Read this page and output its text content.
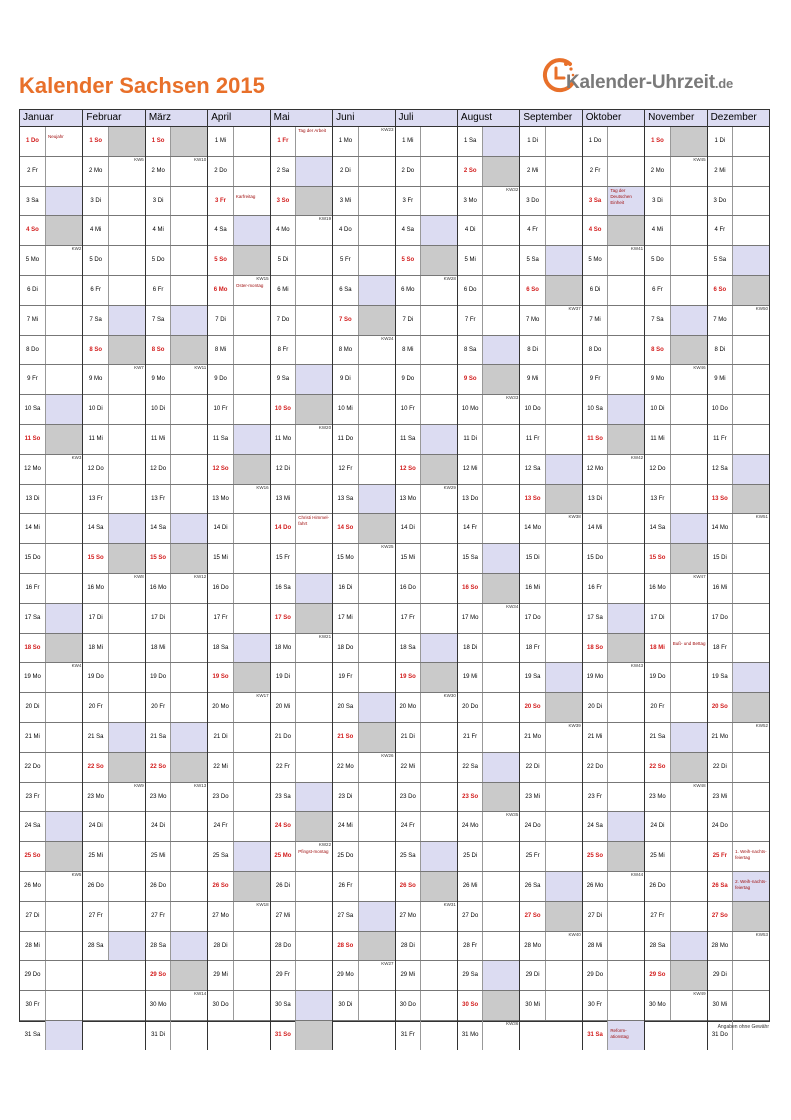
Kalender Sachsen 2015	Kalender-Uhrzeit.de
Januar
1 Do
Neujahr
2 Fr
3 Sa
4 So
5 Mo
KW2
6 Di
7 Mi
8 Do
9 Fr
10 Sa
11 So
12 Mo
KW3
13 Di
14 Mi
15 Do
16 Fr
17 Sa
18 So
19 Mo
KW4
20 Di
21 Mi
22 Do
23 Fr
24 Sa
25 So
26 Mo
KW5
27 Di
28 Mi
29 Do
30 Fr
31 Sa
Februar
1 So
2 Mo
KW6
3 Di
4 Mi
5 Do
6 Fr
7 Sa
8 So
9 Mo
KW7
10 Di
11 Mi
12 Do
13 Fr
14 Sa
15 So
16 Mo
KW8
17 Di
18 Mi
19 Do
20 Fr
21 Sa
22 So
23 Mo
KW9
24 Di
25 Mi
26 Do
27 Fr
28 Sa
März
1 So
2 Mo
KW10
3 Di
4 Mi
5 Do
6 Fr
7 Sa
8 So
9 Mo
KW11
10 Di
11 Mi
12 Do
13 Fr
14 Sa
15 So
16 Mo
KW12
17 Di
18 Mi
19 Do
20 Fr
21 Sa
22 So
23 Mo
KW13
24 Di
25 Mi
26 Do
27 Fr
28 Sa
29 So
30 Mo
KW14
31 Di
April
1 Mi
2 Do
3 Fr
Karfreitag
4 Sa
5 So
6 Mo
KW15
Oster-montag
7 Di
8 Mi
9 Do
10 Fr
11 Sa
12 So
13 Mo
KW16
14 Di
15 Mi
16 Do
17 Fr
18 Sa
19 So
20 Mo
KW17
21 Di
22 Mi
23 Do
24 Fr
25 Sa
26 So
27 Mo
KW18
28 Di
29 Mi
30 Do
Mai
1 Fr
Tag der Arbeit
2 Sa
3 So
4 Mo
KW19
5 Di
6 Mi
7 Do
8 Fr
9 Sa
10 So
11 Mo
KW20
12 Di
13 Mi
14 Do
Christi Himmel-fahrt
15 Fr
16 Sa
17 So
18 Mo
KW21
19 Di
20 Mi
21 Do
22 Fr
23 Sa
24 So
25 Mo
KW22
Pfingst-montag
26 Di
27 Mi
28 Do
29 Fr
30 Sa
31 So
Juni
1 Mo
KW23
2 Di
3 Mi
4 Do
5 Fr
6 Sa
7 So
8 Mo
KW24
9 Di
10 Mi
11 Do
12 Fr
13 Sa
14 So
15 Mo
KW25
16 Di
17 Mi
18 Do
19 Fr
20 Sa
21 So
22 Mo
KW26
23 Di
24 Mi
25 Do
26 Fr
27 Sa
28 So
29 Mo
KW27
30 Di
Juli
1 Mi
2 Do
3 Fr
4 Sa
5 So
6 Mo
KW28
7 Di
8 Mi
9 Do
10 Fr
11 Sa
12 So
13 Mo
KW29
14 Di
15 Mi
16 Do
17 Fr
18 Sa
19 So
20 Mo
KW30
21 Di
22 Mi
23 Do
24 Fr
25 Sa
26 So
27 Mo
KW31
28 Di
29 Mi
30 Do
31 Fr
August
1 Sa
2 So
3 Mo
KW32
4 Di
5 Mi
6 Do
7 Fr
8 Sa
9 So
10 Mo
KW33
11 Di
12 Mi
13 Do
14 Fr
15 Sa
16 So
17 Mo
KW34
18 Di
19 Mi
20 Do
21 Fr
22 Sa
23 So
24 Mo
KW35
25 Di
26 Mi
27 Do
28 Fr
29 Sa
30 So
31 Mo
KW36
September
1 Di
2 Mi
3 Do
4 Fr
5 Sa
6 So
7 Mo
KW37
8 Di
9 Mi
10 Do
11 Fr
12 Sa
13 So
14 Mo
KW38
15 Di
16 Mi
17 Do
18 Fr
19 Sa
20 So
21 Mo
KW39
22 Di
23 Mi
24 Do
25 Fr
26 Sa
27 So
28 Mo
KW40
29 Di
30 Mi
Oktober
1 Do
2 Fr
3 Sa
Tag der Deutschen Einheit
4 So
5 Mo
KW41
6 Di
7 Mi
8 Do
9 Fr
10 Sa
11 So
12 Mo
KW42
13 Di
14 Mi
15 Do
16 Fr
17 Sa
18 So
19 Mo
KW43
20 Di
21 Mi
22 Do
23 Fr
24 Sa
25 So
26 Mo
KW44
27 Di
28 Mi
29 Do
30 Fr
31 Sa
Reform-ationstag
November
1 So
2 Mo
KW45
3 Di
4 Mi
5 Do
6 Fr
7 Sa
8 So
9 Mo
KW46
10 Di
11 Mi
12 Do
13 Fr
14 Sa
15 So
16 Mo
KW47
17 Di
18 Mi
Buß- und Bettag
19 Do
20 Fr
21 Sa
22 So
23 Mo
KW48
24 Di
25 Mi
26 Do
27 Fr
28 Sa
29 So
30 Mo
KW49
Dezember
1 Di
2 Mi
3 Do
4 Fr
5 Sa
6 So
7 Mo
KW50
8 Di
9 Mi
10 Do
11 Fr
12 Sa
13 So
14 Mo
KW51
15 Di
16 Mi
17 Do
18 Fr
19 Sa
20 So
21 Mo
KW52
22 Di
23 Mi
24 Do
25 Fr
1. Weih-nachts-feiertag
26 Sa
2. Weih-nachts-feiertag
27 So
28 Mo
KW53
29 Di
30 Mi
31 Do
Angaben ohne Gewähr
